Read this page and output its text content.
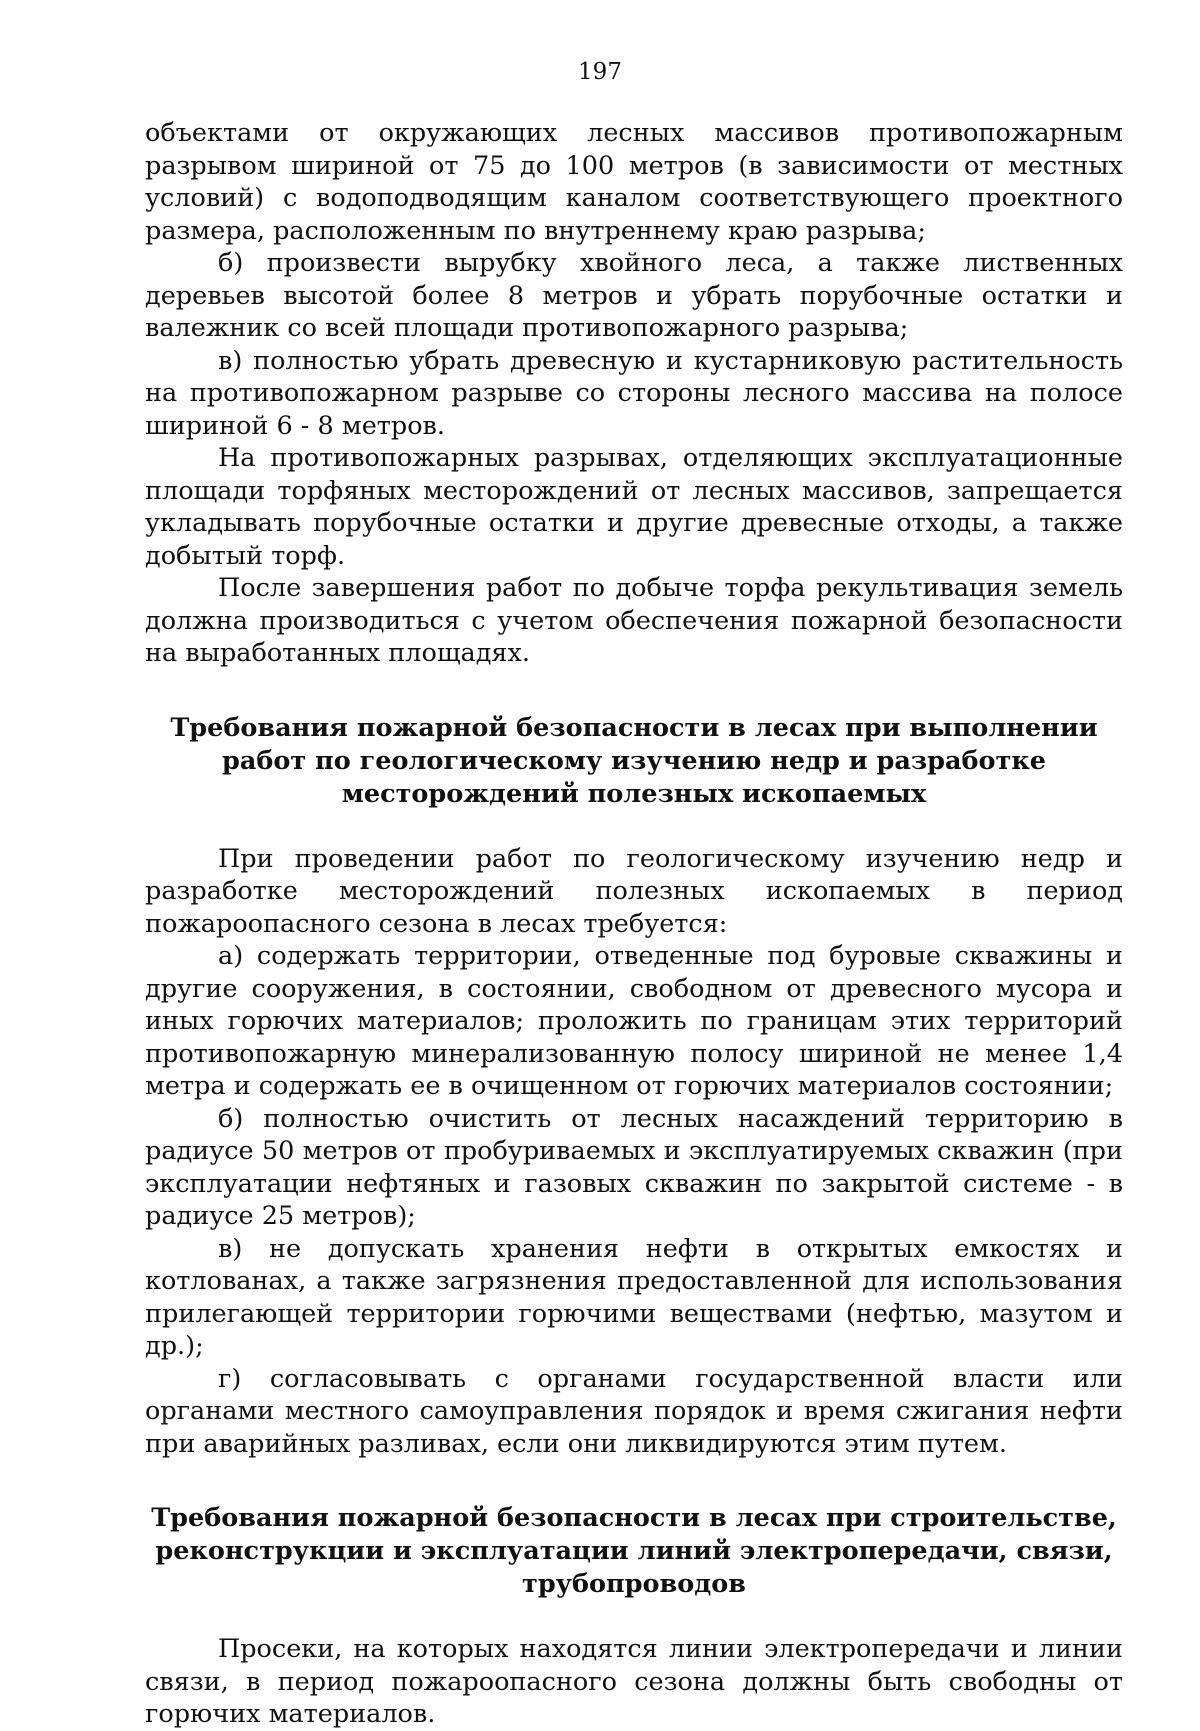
197

объектами от окружающих лесных массивов противопожарным разрывом шириной от 75 до 100 метров (в зависимости от местных условий) с водоподводящим каналом соответствующего проектного размера, расположенным по внутреннему краю разрыва;

б) произвести вырубку хвойного леса, а также лиственных деревьев высотой более 8 метров и убрать порубочные остатки и валежник со всей площади противопожарного разрыва;

в) полностью убрать древесную и кустарниковую растительность на противопожарном разрыве со стороны лесного массива на полосе шириной 6 - 8 метров.

На противопожарных разрывах, отделяющих эксплуатационные площади торфяных месторождений от лесных массивов, запрещается укладывать порубочные остатки и другие древесные отходы, а также добытый торф.

После завершения работ по добыче торфа рекультивация земель должна производиться с учетом обеспечения пожарной безопасности на выработанных площадях.

Требования пожарной безопасности в лесах при выполнении работ по геологическому изучению недр и разработке месторождений полезных ископаемых

При проведении работ по геологическому изучению недр и разработке месторождений полезных ископаемых в период пожароопасного сезона в лесах требуется:

а) содержать территории, отведенные под буровые скважины и другие сооружения, в состоянии, свободном от древесного мусора и иных горючих материалов; проложить по границам этих территорий противопожарную минерализованную полосу шириной не менее 1,4 метра и содержать ее в очищенном от горючих материалов состоянии;

б) полностью очистить от лесных насаждений территорию в радиусе 50 метров от пробуриваемых и эксплуатируемых скважин (при эксплуатации нефтяных и газовых скважин по закрытой системе - в радиусе 25 метров);

в) не допускать хранения нефти в открытых емкостях и котлованах, а также загрязнения предоставленной для использования прилегающей территории горючими веществами (нефтью, мазутом и др.);

г) согласовывать с органами государственной власти или органами местного самоуправления порядок и время сжигания нефти при аварийных разливах, если они ликвидируются этим путем.

Требования пожарной безопасности в лесах при строительстве, реконструкции и эксплуатации линий электропередачи, связи, трубопроводов

Просеки, на которых находятся линии электропередачи и линии связи, в период пожароопасного сезона должны быть свободны от горючих материалов.
